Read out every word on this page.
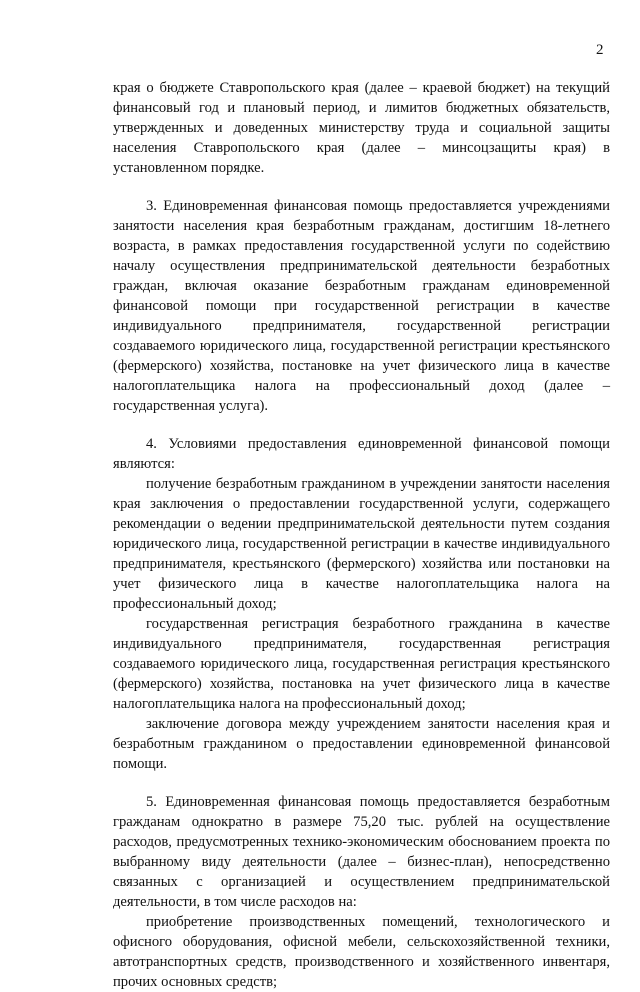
2

края о бюджете Ставропольского края (далее – краевой бюджет) на текущий финансовый год и плановый период, и лимитов бюджетных обязательств, утвержденных и доведенных министерству труда и социальной защиты населения Ставропольского края (далее – минсоцзащиты края) в установленном порядке.

3. Единовременная финансовая помощь предоставляется учреждениями занятости населения края безработным гражданам, достигшим 18-летнего возраста, в рамках предоставления государственной услуги по содействию началу осуществления предпринимательской деятельности безработных граждан, включая оказание безработным гражданам единовременной финансовой помощи при государственной регистрации в качестве индивидуального предпринимателя, государственной регистрации создаваемого юридического лица, государственной регистрации крестьянского (фермерского) хозяйства, постановке на учет физического лица в качестве налогоплательщика налога на профессиональный доход (далее – государственная услуга).

4. Условиями предоставления единовременной финансовой помощи являются:

получение безработным гражданином в учреждении занятости населения края заключения о предоставлении государственной услуги, содержащего рекомендации о ведении предпринимательской деятельности путем создания юридического лица, государственной регистрации в качестве индивидуального предпринимателя, крестьянского (фермерского) хозяйства или постановки на учет физического лица в качестве налогоплательщика налога на профессиональный доход;

государственная регистрация безработного гражданина в качестве индивидуального предпринимателя, государственная регистрация создаваемого юридического лица, государственная регистрация крестьянского (фермерского) хозяйства, постановка на учет физического лица в качестве налогоплательщика налога на профессиональный доход;

заключение договора между учреждением занятости населения края и безработным гражданином о предоставлении единовременной финансовой помощи.

5. Единовременная финансовая помощь предоставляется безработным гражданам однократно в размере 75,20 тыс. рублей на осуществление расходов, предусмотренных технико-экономическим обоснованием проекта по выбранному виду деятельности (далее – бизнес-план), непосредственно связанных с организацией и осуществлением предпринимательской деятельности, в том числе расходов на:

приобретение производственных помещений, технологического и офисного оборудования, офисной мебели, сельскохозяйственной техники, автотранспортных средств, производственного и хозяйственного инвентаря, прочих основных средств;
